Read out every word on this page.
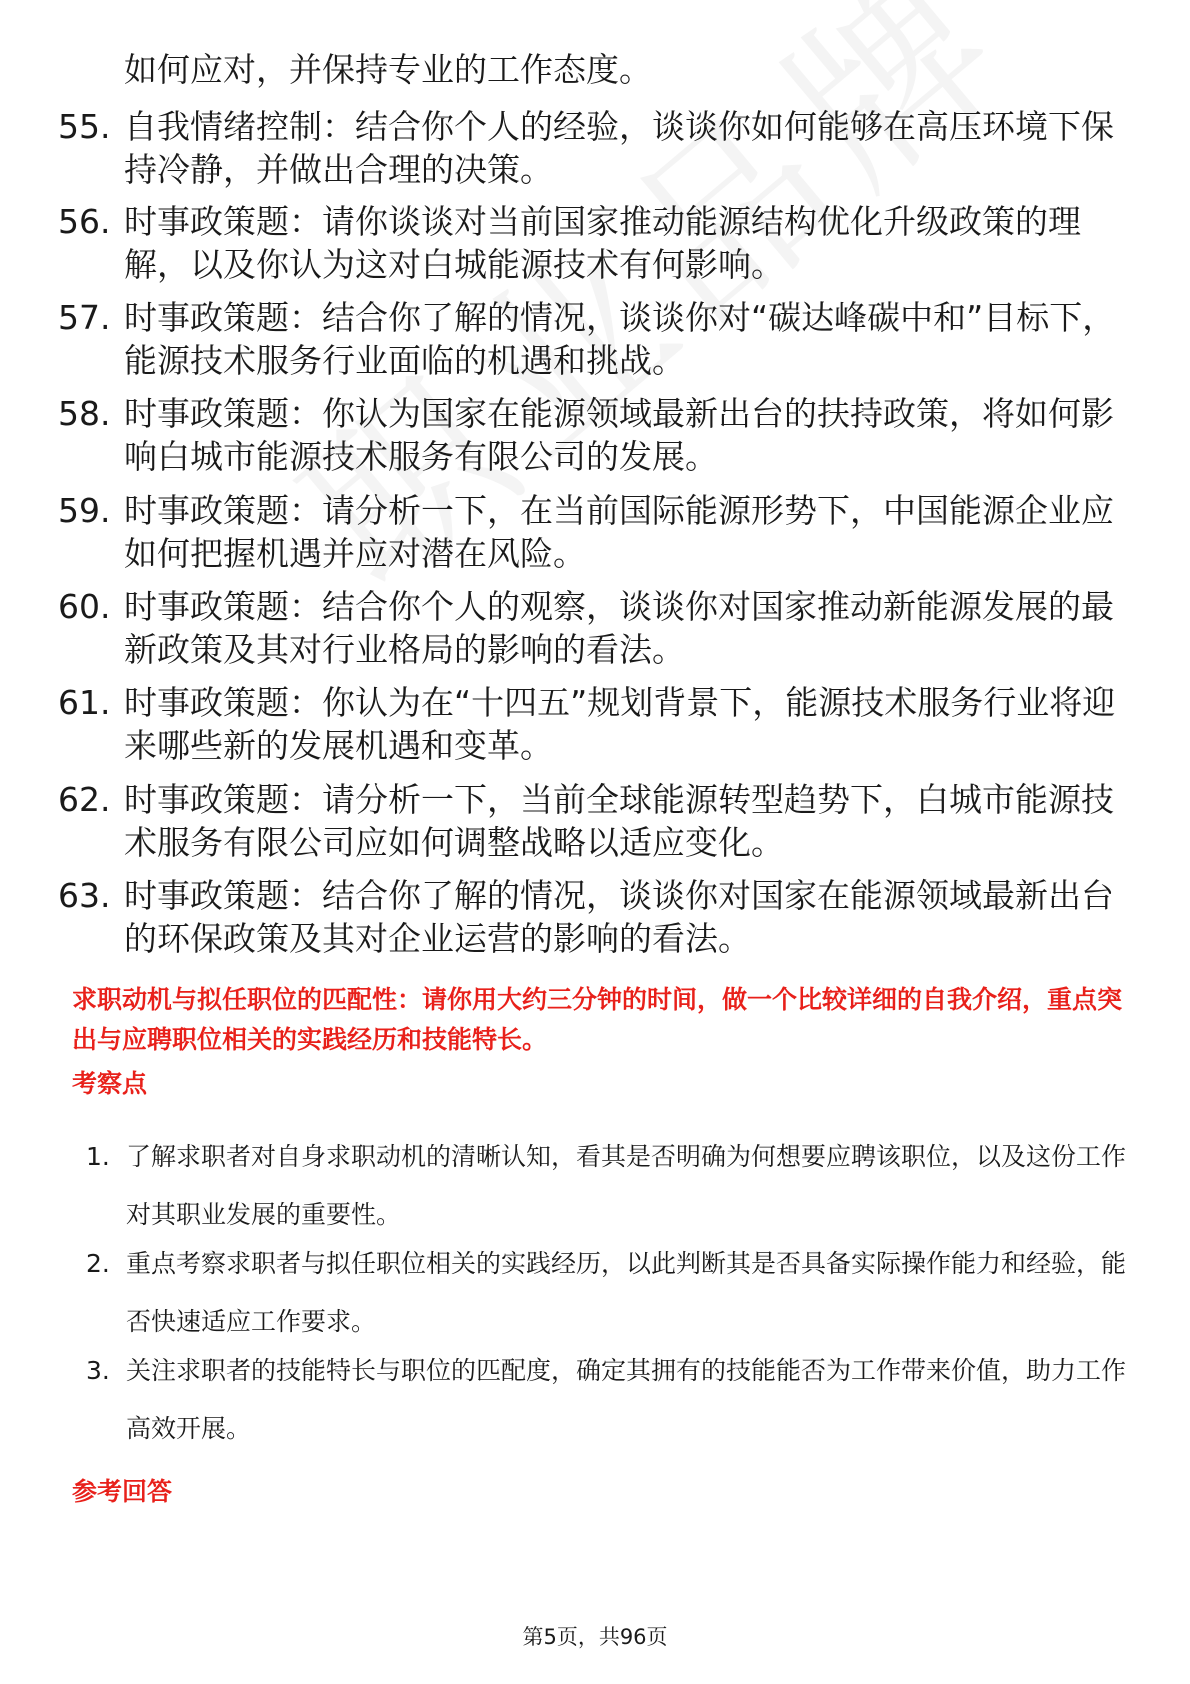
如何应对，并保持专业的工作态度。
55. 自我情绪控制：结合你个人的经验，谈谈你如何能够在高压环境下保持冷静，并做出合理的决策。
56. 时事政策题：请你谈谈对当前国家推动能源结构优化升级政策的理解，以及你认为这对白城能源技术有何影响。
57. 时事政策题：结合你了解的情况，谈谈你对“碳达峰碳中和”目标下，能源技术服务行业面临的机遇和挑战。
58. 时事政策题：你认为国家在能源领域最新出台的扶持政策，将如何影响白城市能源技术服务有限公司的发展。
59. 时事政策题：请分析一下，在当前国际能源形势下，中国能源企业应如何把握机遇并应对潜在风险。
60. 时事政策题：结合你个人的观察，谈谈你对国家推动新能源发展的最新政策及其对行业格局的影响的看法。
61. 时事政策题：你认为在“十四五”规划背景下，能源技术服务行业将迎来哪些新的发展机遇和变革。
62. 时事政策题：请分析一下，当前全球能源转型趋势下，白城市能源技术服务有限公司应如何调整战略以适应变化。
63. 时事政策题：结合你了解的情况，谈谈你对国家在能源领域最新出台的环保政策及其对企业运营的影响的看法。
求职动机与拟任职位的匹配性：请你用大约三分钟的时间，做一个比较详细的自我介绍，重点突出与应聘职位相关的实践经历和技能特长。
考察点
1. 了解求职者对自身求职动机的清晰认知，看其是否明确为何想要应聘该职位，以及这份工作对其职业发展的重要性。
2. 重点考察求职者与拟任职位相关的实践经历，以此判断其是否具备实际操作能力和经验，能否快速适应工作要求。
3. 关注求职者的技能特长与职位的匹配度，确定其拥有的技能能否为工作带来价值，助力工作高效开展。
参考回答
第5页，共96页
